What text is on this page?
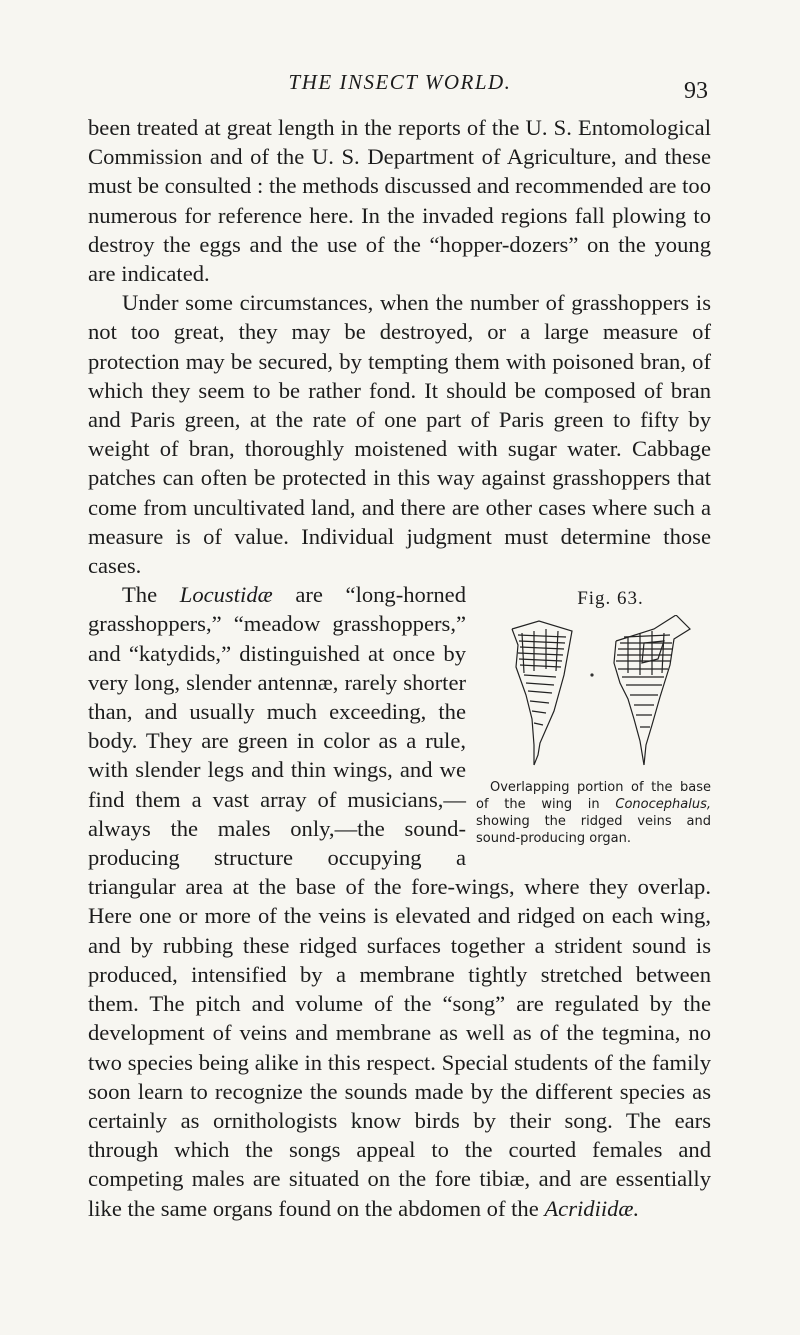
THE INSECT WORLD.	93

been treated at great length in the reports of the U. S. Entomological Commission and of the U. S. Department of Agriculture, and these must be consulted : the methods discussed and recommended are too numerous for reference here. In the invaded regions fall plowing to destroy the eggs and the use of the “hopper-dozers” on the young are indicated.

Under some circumstances, when the number of grasshoppers is not too great, they may be destroyed, or a large measure of protection may be secured, by tempting them with poisoned bran, of which they seem to be rather fond. It should be composed of bran and Paris green, at the rate of one part of Paris green to fifty by weight of bran, thoroughly moistened with sugar water. Cabbage patches can often be protected in this way against grasshoppers that come from uncultivated land, and there are other cases where such a measure is of value. Individual judgment must determine those cases.

The Locustidæ	Fig. 63.
Overlapping portion of the base of the wing in Conocephalus, showing the ridged veins and sound-producing organ.
are “long-horned grasshoppers,” “meadow grasshoppers,” and “katydids,” distinguished at once by very long, slender antennæ, rarely shorter than, and usually much exceeding, the body. They are green in color as a rule, with slender legs and thin wings, and we find them a vast array of musicians,—always the males only,—the sound-producing structure occupying a triangular area at the base of the fore-wings, where they overlap. Here one or more of the veins is elevated and ridged on each wing, and by rubbing these ridged surfaces together a strident sound is produced, intensified by a membrane tightly stretched between them. The pitch and volume of the “song” are regulated by the development of veins and membrane as well as of the tegmina, no two species being alike in this respect. Special students of the family soon learn to recognize the sounds made by the different species as certainly as ornithologists know birds by their song. The ears through which the songs appeal to the courted females and competing males are situated on the fore tibiæ, and are essentially like the same organs found on the abdomen of the Acridiidæ.
